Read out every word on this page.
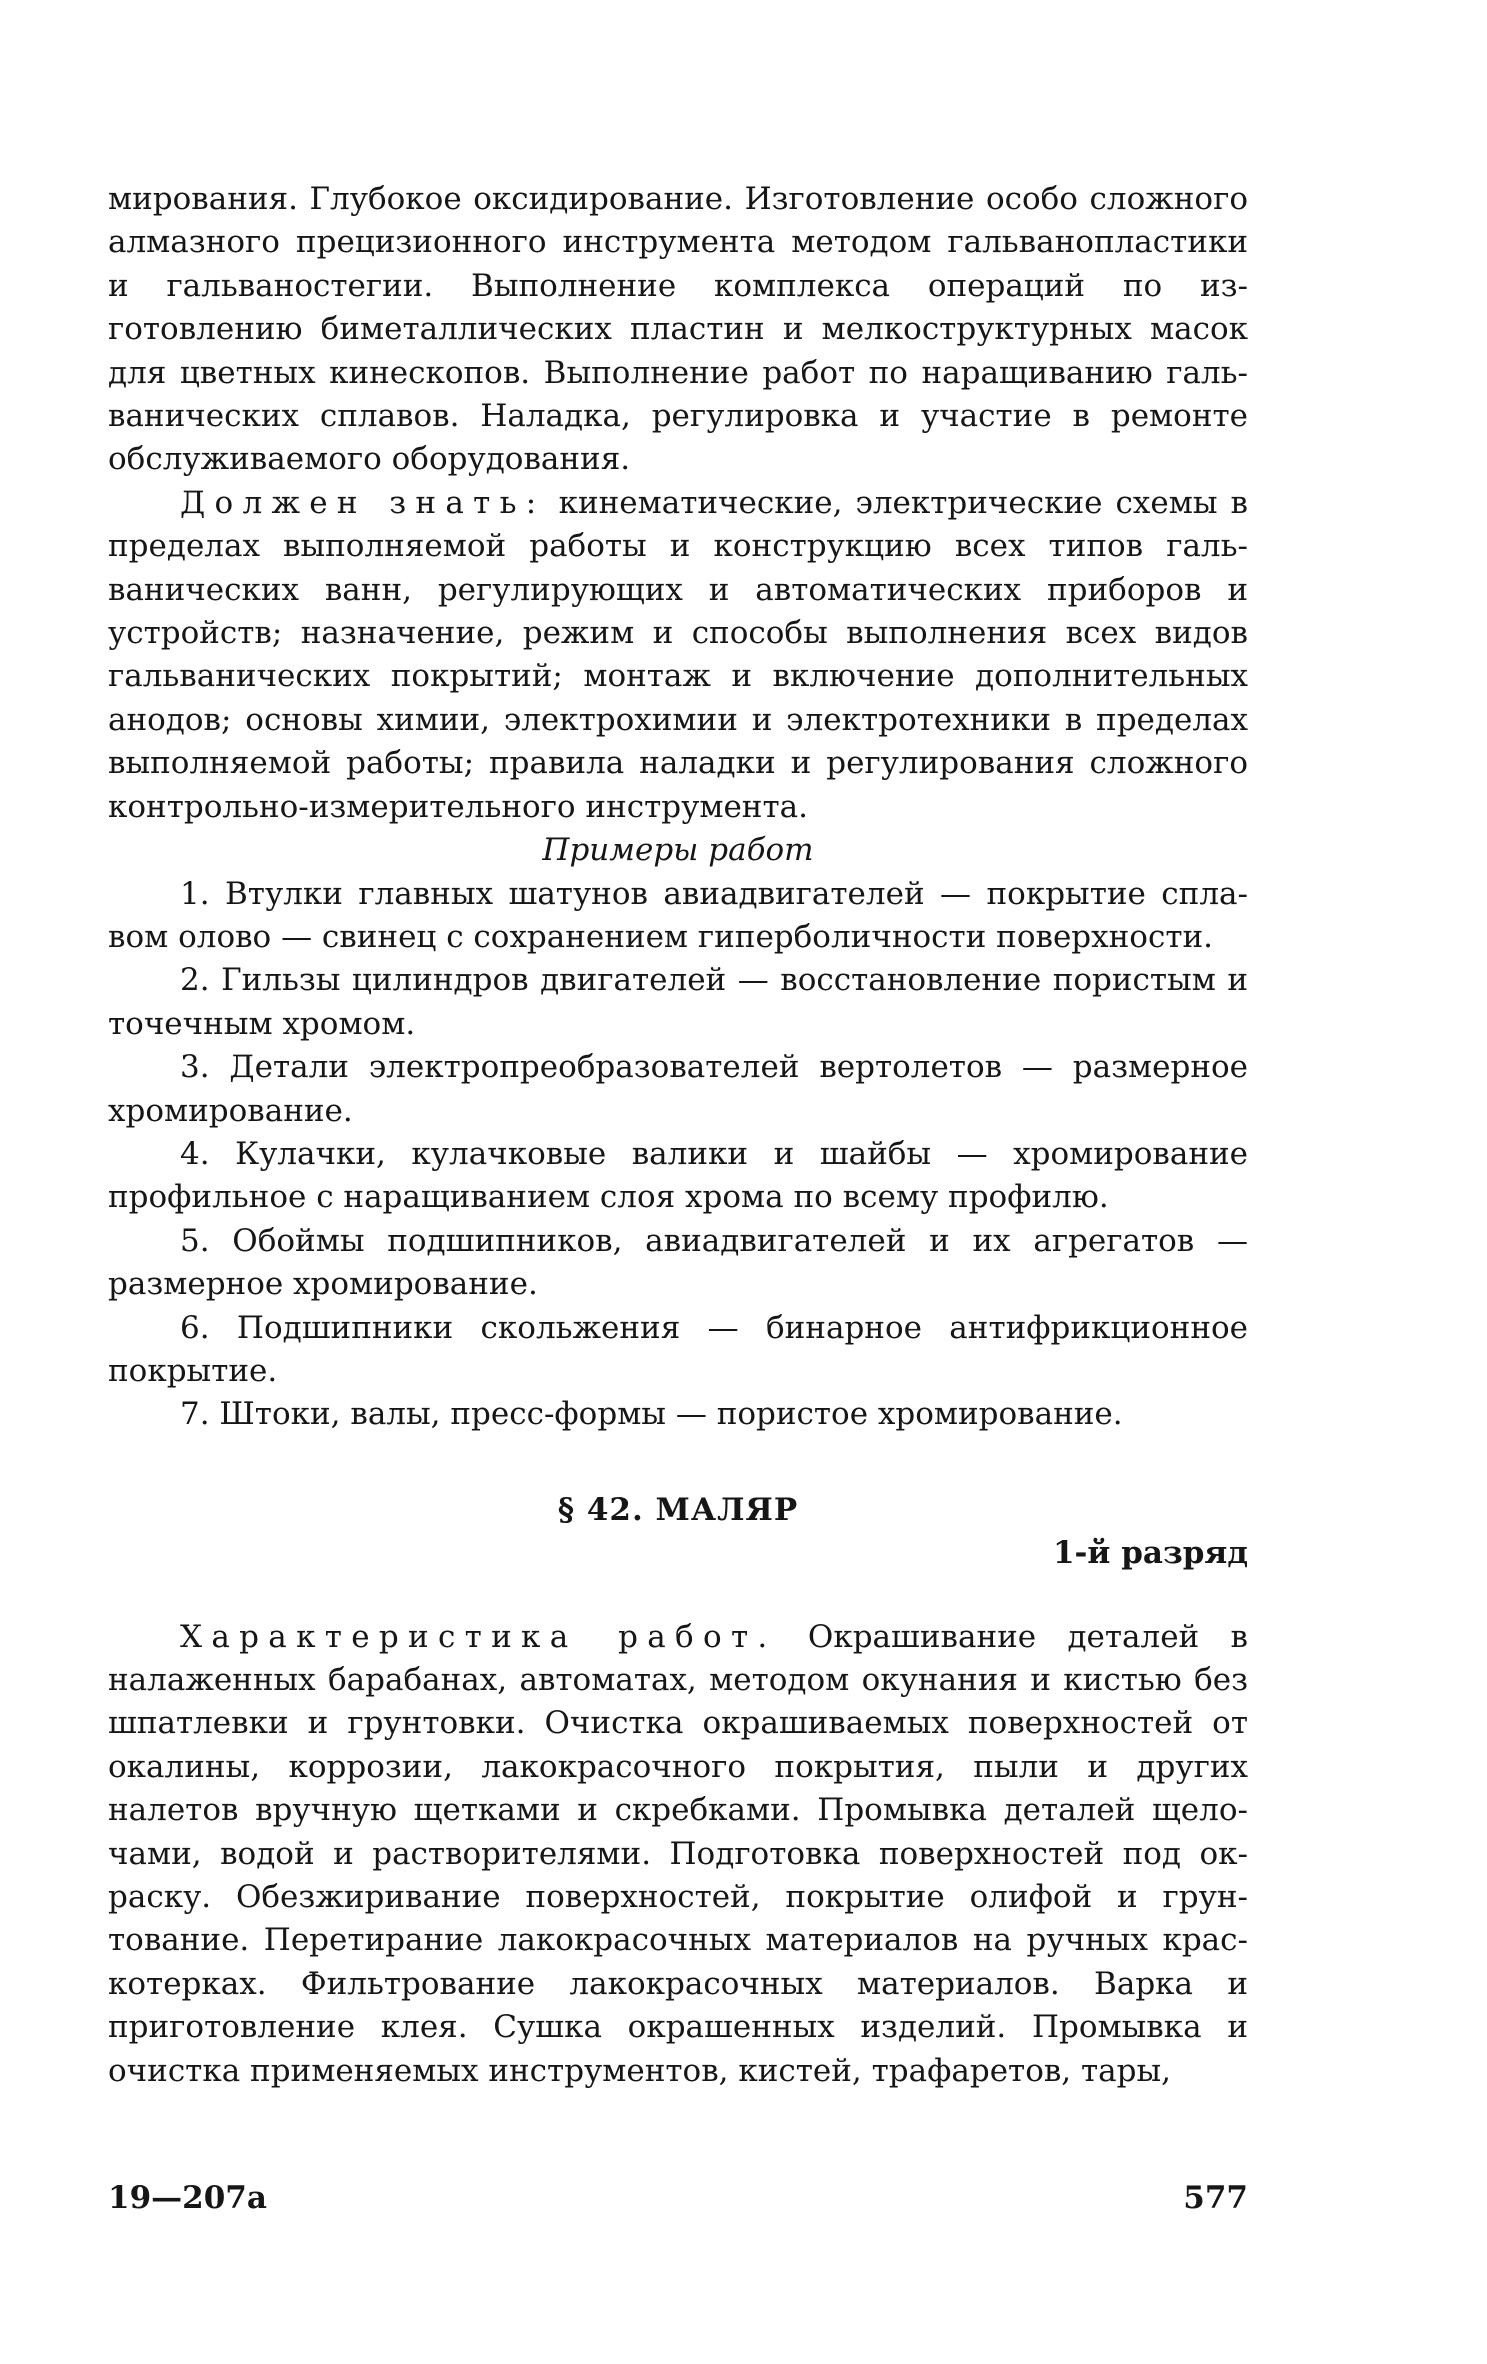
мирования. Глубокое оксидирование. Изготовление особо сложного алмазного прецизионного инструмента методом гальванопластики и гальваностегии. Выполнение комплекса операций по изготовлению биметаллических пластин и мелкоструктурных масок для цветных кинескопов. Выполнение работ по наращиванию гальванических сплавов. Наладка, регулировка и участие в ремонте обслуживаемого оборудования.

Должен знать: кинематические, электрические схемы в пределах выполняемой работы и конструкцию всех типов гальванических ванн, регулирующих и автоматических приборов и устройств; назначение, режим и способы выполнения всех видов гальванических покрытий; монтаж и включение дополнительных анодов; основы химии, электрохимии и электротехники в пределах выполняемой работы; правила наладки и регулирования сложного контрольно-измерительного инструмента.

Примеры работ

1. Втулки главных шатунов авиадвигателей — покрытие сплавом олово — свинец с сохранением гиперболичности поверхности.

2. Гильзы цилиндров двигателей — восстановление пористым и точечным хромом.

3. Детали электропреобразователей вертолетов — размерное хромирование.

4. Кулачки, кулачковые валики и шайбы — хромирование профильное с наращиванием слоя хрома по всему профилю.

5. Обоймы подшипников, авиадвигателей и их агрегатов — размерное хромирование.

6. Подшипники скольжения — бинарное антифрикционное покрытие.

7. Штоки, валы, пресс-формы — пористое хромирование.

§ 42. МАЛЯР

1-й разряд

Характеристика работ. Окрашивание деталей в налаженных барабанах, автоматах, методом окунания и кистью без шпатлевки и грунтовки. Очистка окрашиваемых поверхностей от окалины, коррозии, лакокрасочного покрытия, пыли и других налетов вручную щетками и скребками. Промывка деталей щелочами, водой и растворителями. Подготовка поверхностей под окраску. Обезжиривание поверхностей, покрытие олифой и грунтование. Перетирание лакокрасочных материалов на ручных краскотерках. Фильтрование лакокрасочных материалов. Варка и приготовление клея. Сушка окрашенных изделий. Промывка и очистка применяемых инструментов, кистей, трафаретов, тары,

19—207а	577
